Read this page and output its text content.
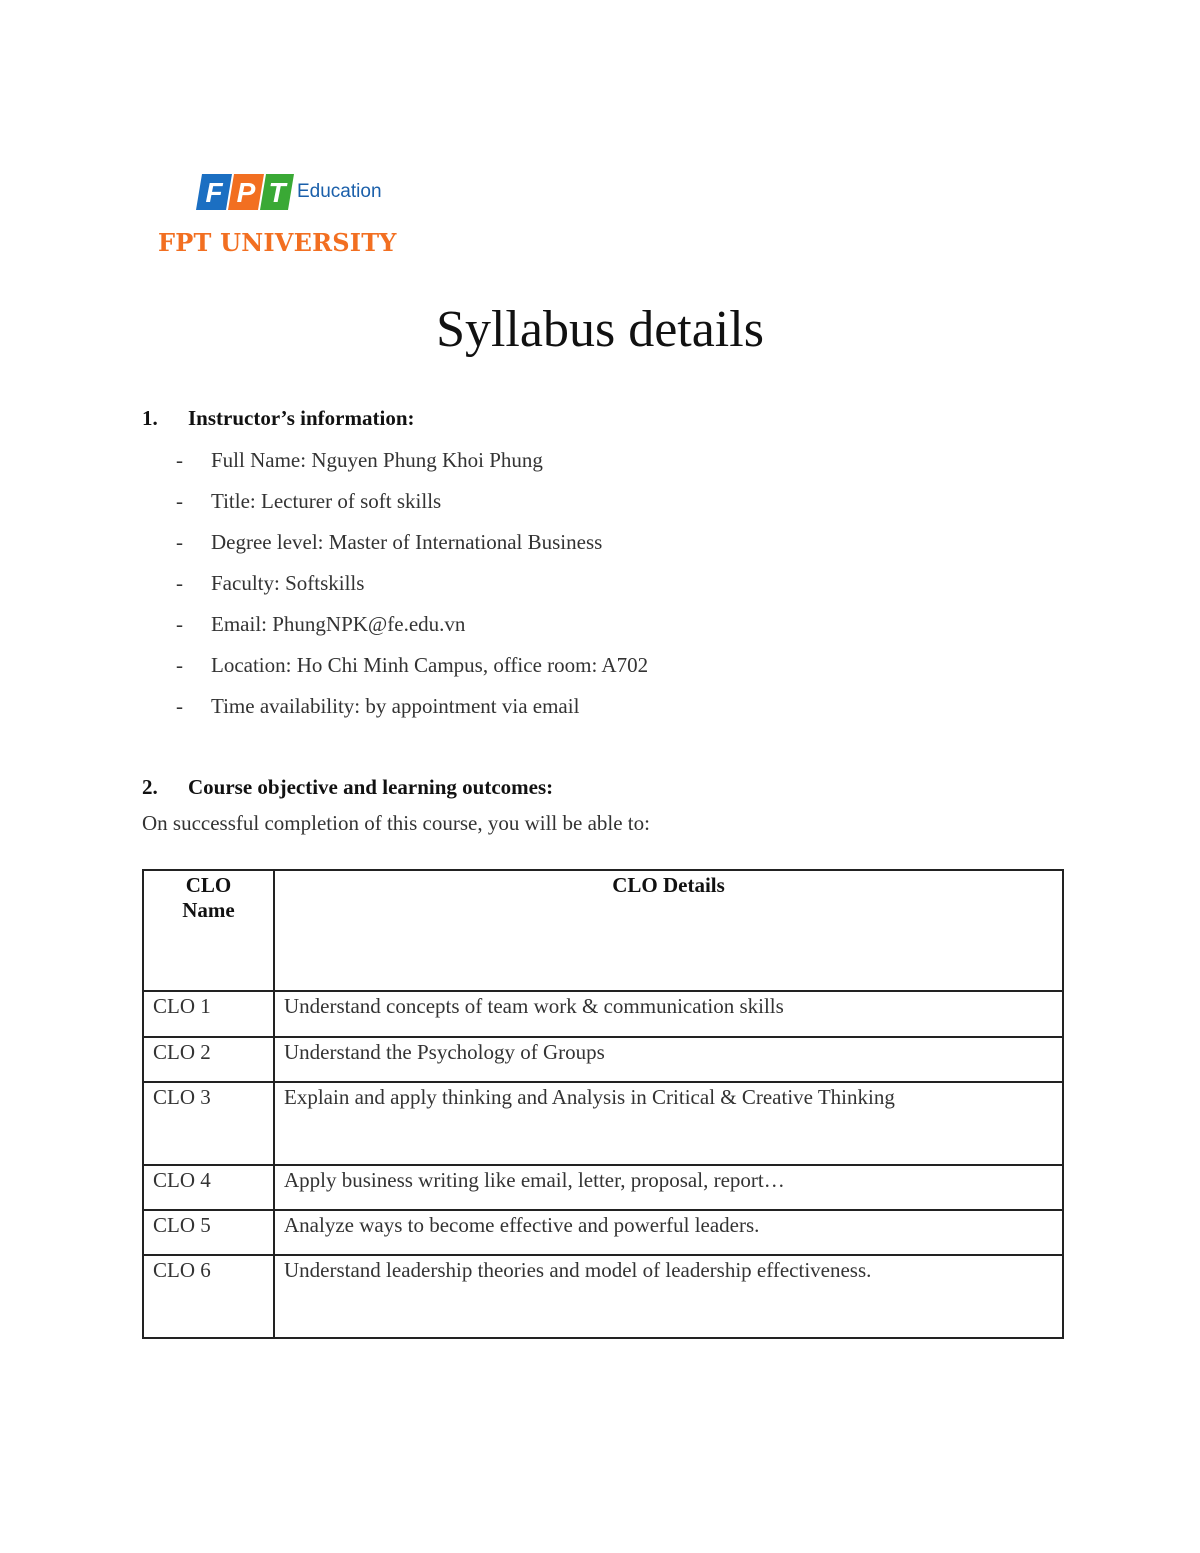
F P T Education
FPT UNIVERSITY
Syllabus details
1. Instructor’s information:
- Full Name: Nguyen Phung Khoi Phung
- Title: Lecturer of soft skills
- Degree level: Master of International Business
- Faculty: Softskills
- Email: PhungNPK@fe.edu.vn
- Location: Ho Chi Minh Campus, office room: A702
- Time availability: by appointment via email
2. Course objective and learning outcomes:
On successful completion of this course, you will be able to:
CLO
Name	CLO Details
CLO 1	Understand concepts of team work & communication skills
CLO 2	Understand the Psychology of Groups
CLO 3	Explain and apply thinking and Analysis in Critical & Creative Thinking
CLO 4	Apply business writing like email, letter, proposal, report…
CLO 5	Analyze ways to become effective and powerful leaders.
CLO 6	Understand leadership theories and model of leadership effectiveness.
